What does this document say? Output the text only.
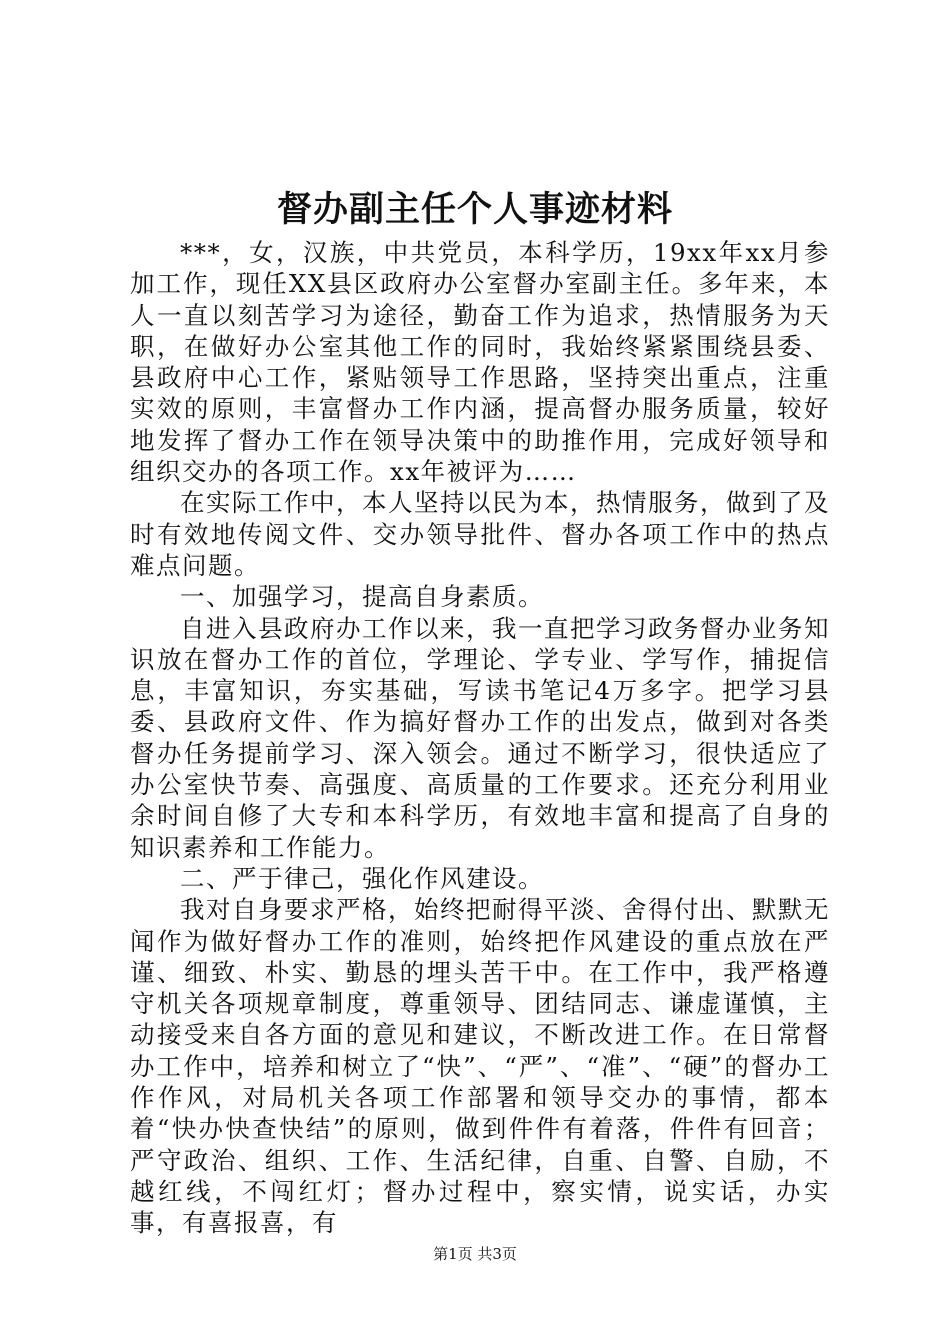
督办副主任个人事迹材料

***，女，汉族，中共党员，本科学历，19xx年xx月参加工作，现任XX县区政府办公室督办室副主任。多年来，本人一直以刻苦学习为途径，勤奋工作为追求，热情服务为天职，在做好办公室其他工作的同时，我始终紧紧围绕县委、县政府中心工作，紧贴领导工作思路，坚持突出重点，注重实效的原则，丰富督办工作内涵，提高督办服务质量，较好地发挥了督办工作在领导决策中的助推作用，完成好领导和组织交办的各项工作。xx年被评为……

在实际工作中，本人坚持以民为本，热情服务，做到了及时有效地传阅文件、交办领导批件、督办各项工作中的热点难点问题。

一、加强学习，提高自身素质。

自进入县政府办工作以来，我一直把学习政务督办业务知识放在督办工作的首位，学理论、学专业、学写作，捕捉信息，丰富知识，夯实基础，写读书笔记4万多字。把学习县委、县政府文件、作为搞好督办工作的出发点，做到对各类督办任务提前学习、深入领会。通过不断学习，很快适应了办公室快节奏、高强度、高质量的工作要求。还充分利用业余时间自修了大专和本科学历，有效地丰富和提高了自身的知识素养和工作能力。

二、严于律己，强化作风建设。

我对自身要求严格，始终把耐得平淡、舍得付出、默默无闻作为做好督办工作的准则，始终把作风建设的重点放在严谨、细致、朴实、勤恳的埋头苦干中。在工作中，我严格遵守机关各项规章制度，尊重领导、团结同志、谦虚谨慎，主动接受来自各方面的意见和建议，不断改进工作。在日常督办工作中，培养和树立了“快”、“严”、“准”、“硬”的督办工作作风，对局机关各项工作部署和领导交办的事情，都本着“快办快查快结”的原则，做到件件有着落，件件有回音；严守政治、组织、工作、生活纪律，自重、自警、自励，不越红线，不闯红灯；督办过程中，察实情，说实话，办实事，有喜报喜，有

第1页 共3页
